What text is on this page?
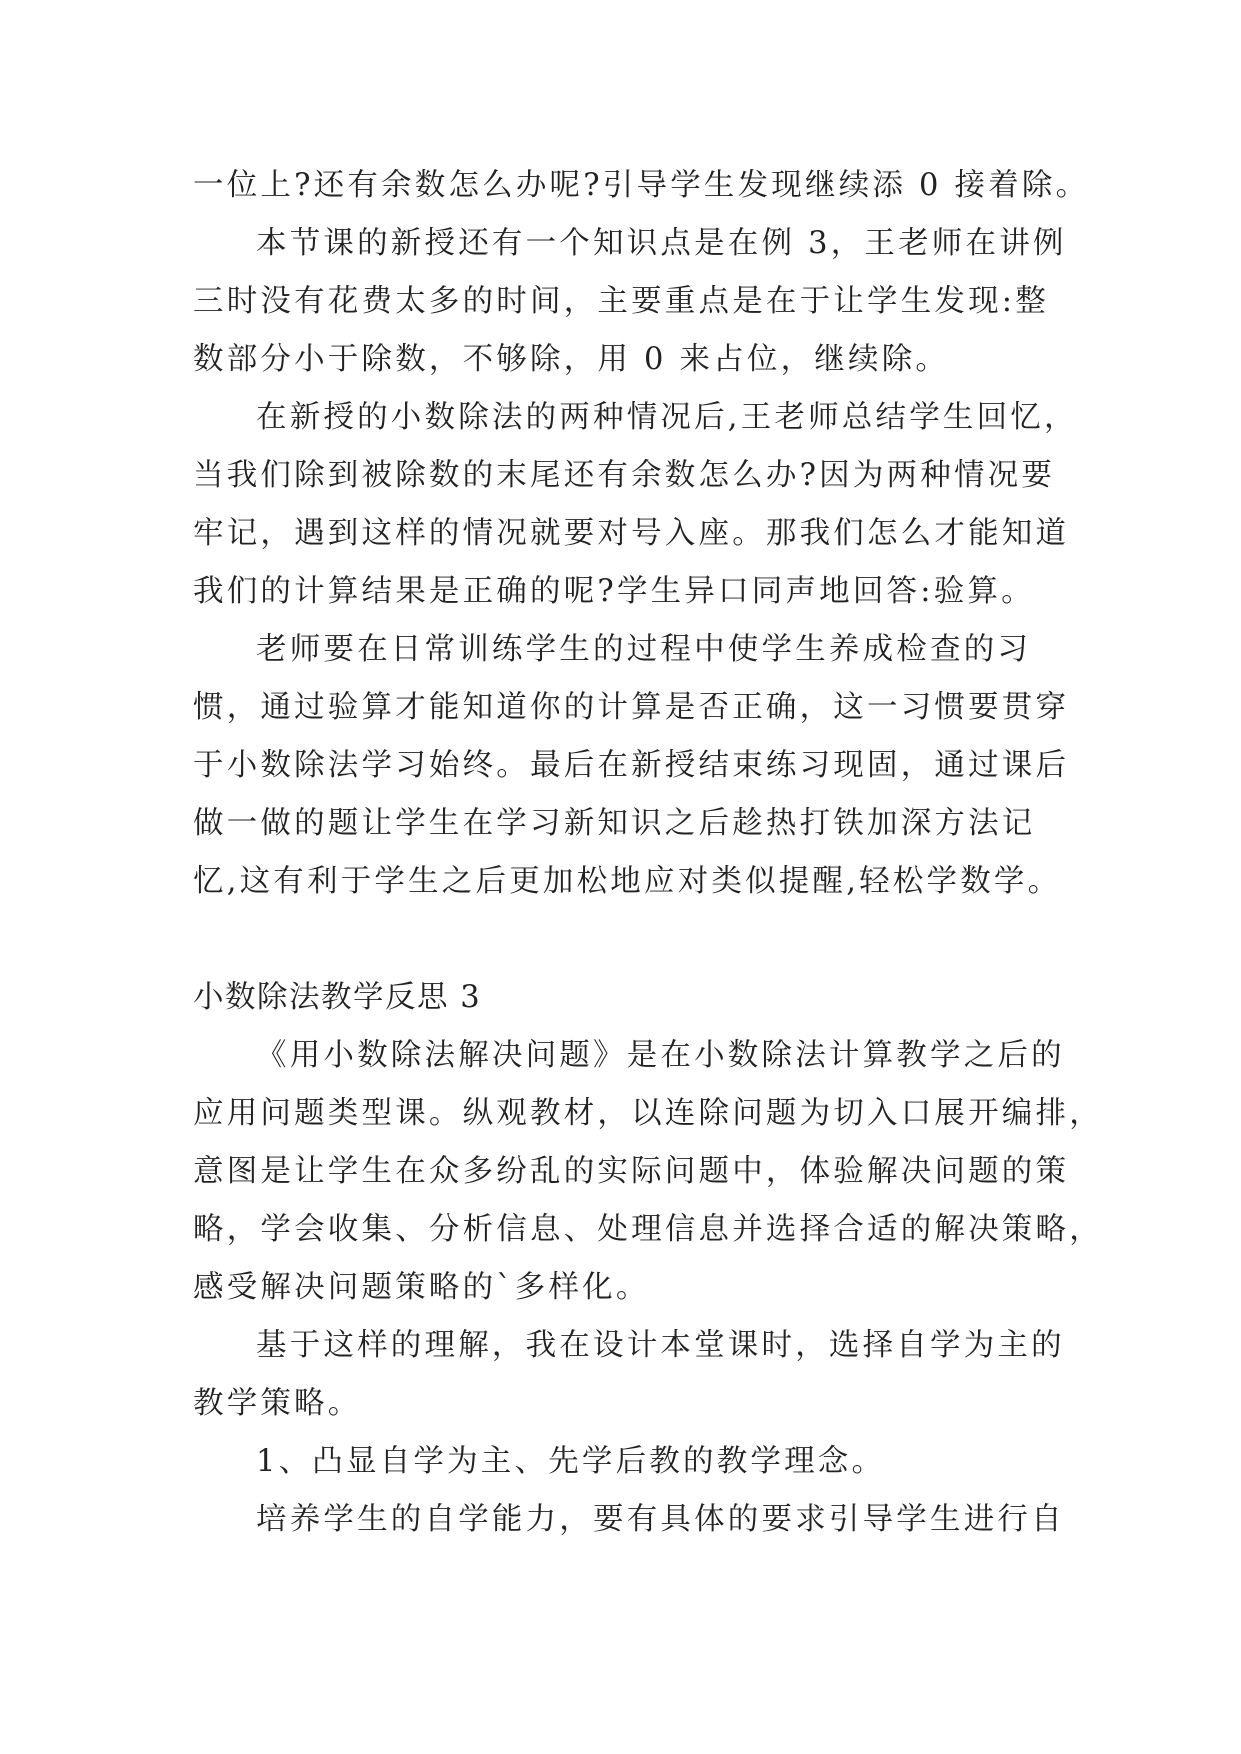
一位上?还有余数怎么办呢?引导学生发现继续添 0 接着除。
本节课的新授还有一个知识点是在例 3，王老师在讲例
三时没有花费太多的时间，主要重点是在于让学生发现:整
数部分小于除数，不够除，用 0 来占位，继续除。
在新授的小数除法的两种情况后,王老师总结学生回忆，
当我们除到被除数的末尾还有余数怎么办?因为两种情况要
牢记，遇到这样的情况就要对号入座。那我们怎么才能知道
我们的计算结果是正确的呢?学生异口同声地回答:验算。
老师要在日常训练学生的过程中使学生养成检查的习
惯，通过验算才能知道你的计算是否正确，这一习惯要贯穿
于小数除法学习始终。最后在新授结束练习现固，通过课后
做一做的题让学生在学习新知识之后趁热打铁加深方法记
忆,这有利于学生之后更加松地应对类似提醒,轻松学数学。
小数除法教学反思 3
《用小数除法解决问题》是在小数除法计算教学之后的
应用问题类型课。纵观教材，以连除问题为切入口展开编排，
意图是让学生在众多纷乱的实际问题中，体验解决问题的策
略，学会收集、分析信息、处理信息并选择合适的解决策略，
感受解决问题策略的`多样化。
基于这样的理解，我在设计本堂课时，选择自学为主的
教学策略。
1、凸显自学为主、先学后教的教学理念。
培养学生的自学能力，要有具体的要求引导学生进行自
